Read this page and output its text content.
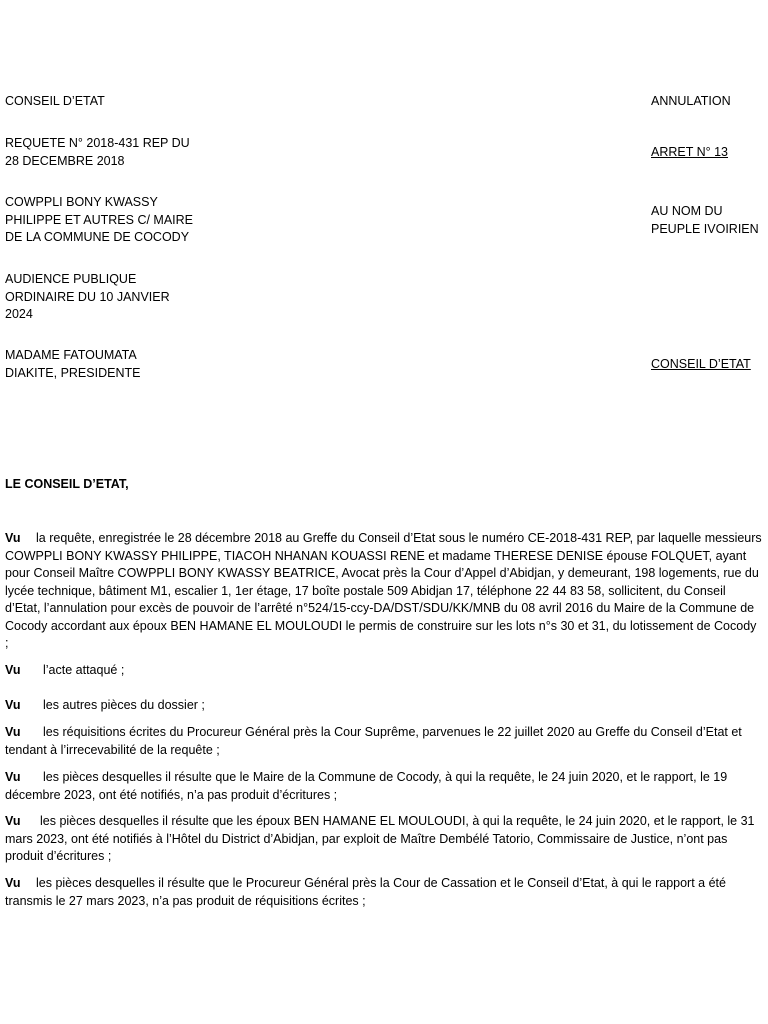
CONSEIL D’ETAT

REQUETE N° 2018-431 REP DU
28 DECEMBRE 2018

COWPPLI BONY KWASSY
PHILIPPE ET AUTRES C/ MAIRE
DE LA COMMUNE DE COCODY

AUDIENCE PUBLIQUE
ORDINAIRE DU 10 JANVIER
2024

MADAME FATOUMATA
DIAKITE, PRESIDENTE

ANNULATION

ARRET N° 13

AU NOM DU
PEUPLE IVOIRIEN

CONSEIL D’ETAT

LE CONSEIL D’ETAT,

Vu la requête, enregistrée le 28 décembre 2018 au Greffe du Conseil d’Etat sous le numéro CE-2018-431 REP, par laquelle messieurs COWPPLI BONY KWASSY PHILIPPE, TIACOH NHANAN KOUASSI RENE et madame THERESE DENISE épouse FOLQUET, ayant pour Conseil Maître COWPPLI BONY KWASSY BEATRICE, Avocat près la Cour d’Appel d’Abidjan, y demeurant, 198 logements, rue du lycée technique, bâtiment M1, escalier 1, 1er étage, 17 boîte postale 509 Abidjan 17, téléphone 22 44 83 58, sollicitent, du Conseil d’Etat, l’annulation pour excès de pouvoir de l’arrêté n°524/15-ccy-DA/DST/SDU/KK/MNB du 08 avril 2016 du Maire de la Commune de Cocody accordant aux époux BEN HAMANE EL MOULOUDI le permis de construire sur les lots n°s 30 et 31, du lotissement de Cocody ;

Vu l’acte attaqué ;

Vu les autres pièces du dossier ;

Vu les réquisitions écrites du Procureur Général près la Cour Suprême, parvenues le 22 juillet 2020 au Greffe du Conseil d’Etat et tendant à l’irrecevabilité de la requête ;

Vu les pièces desquelles il résulte que le Maire de la Commune de Cocody, à qui la requête, le 24 juin 2020, et le rapport, le 19 décembre 2023, ont été notifiés, n’a pas produit d’écritures ;

Vu les pièces desquelles il résulte que les époux BEN HAMANE EL MOULOUDI, à qui la requête, le 24 juin 2020, et le rapport, le 31 mars 2023, ont été notifiés à l’Hôtel du District d’Abidjan, par exploit de Maître Dembélé Tatorio, Commissaire de Justice, n’ont pas produit d’écritures ;

Vu les pièces desquelles il résulte que le Procureur Général près la Cour de Cassation et le Conseil d’Etat, à qui le rapport a été transmis le 27 mars 2023, n’a pas produit de réquisitions écrites ;
